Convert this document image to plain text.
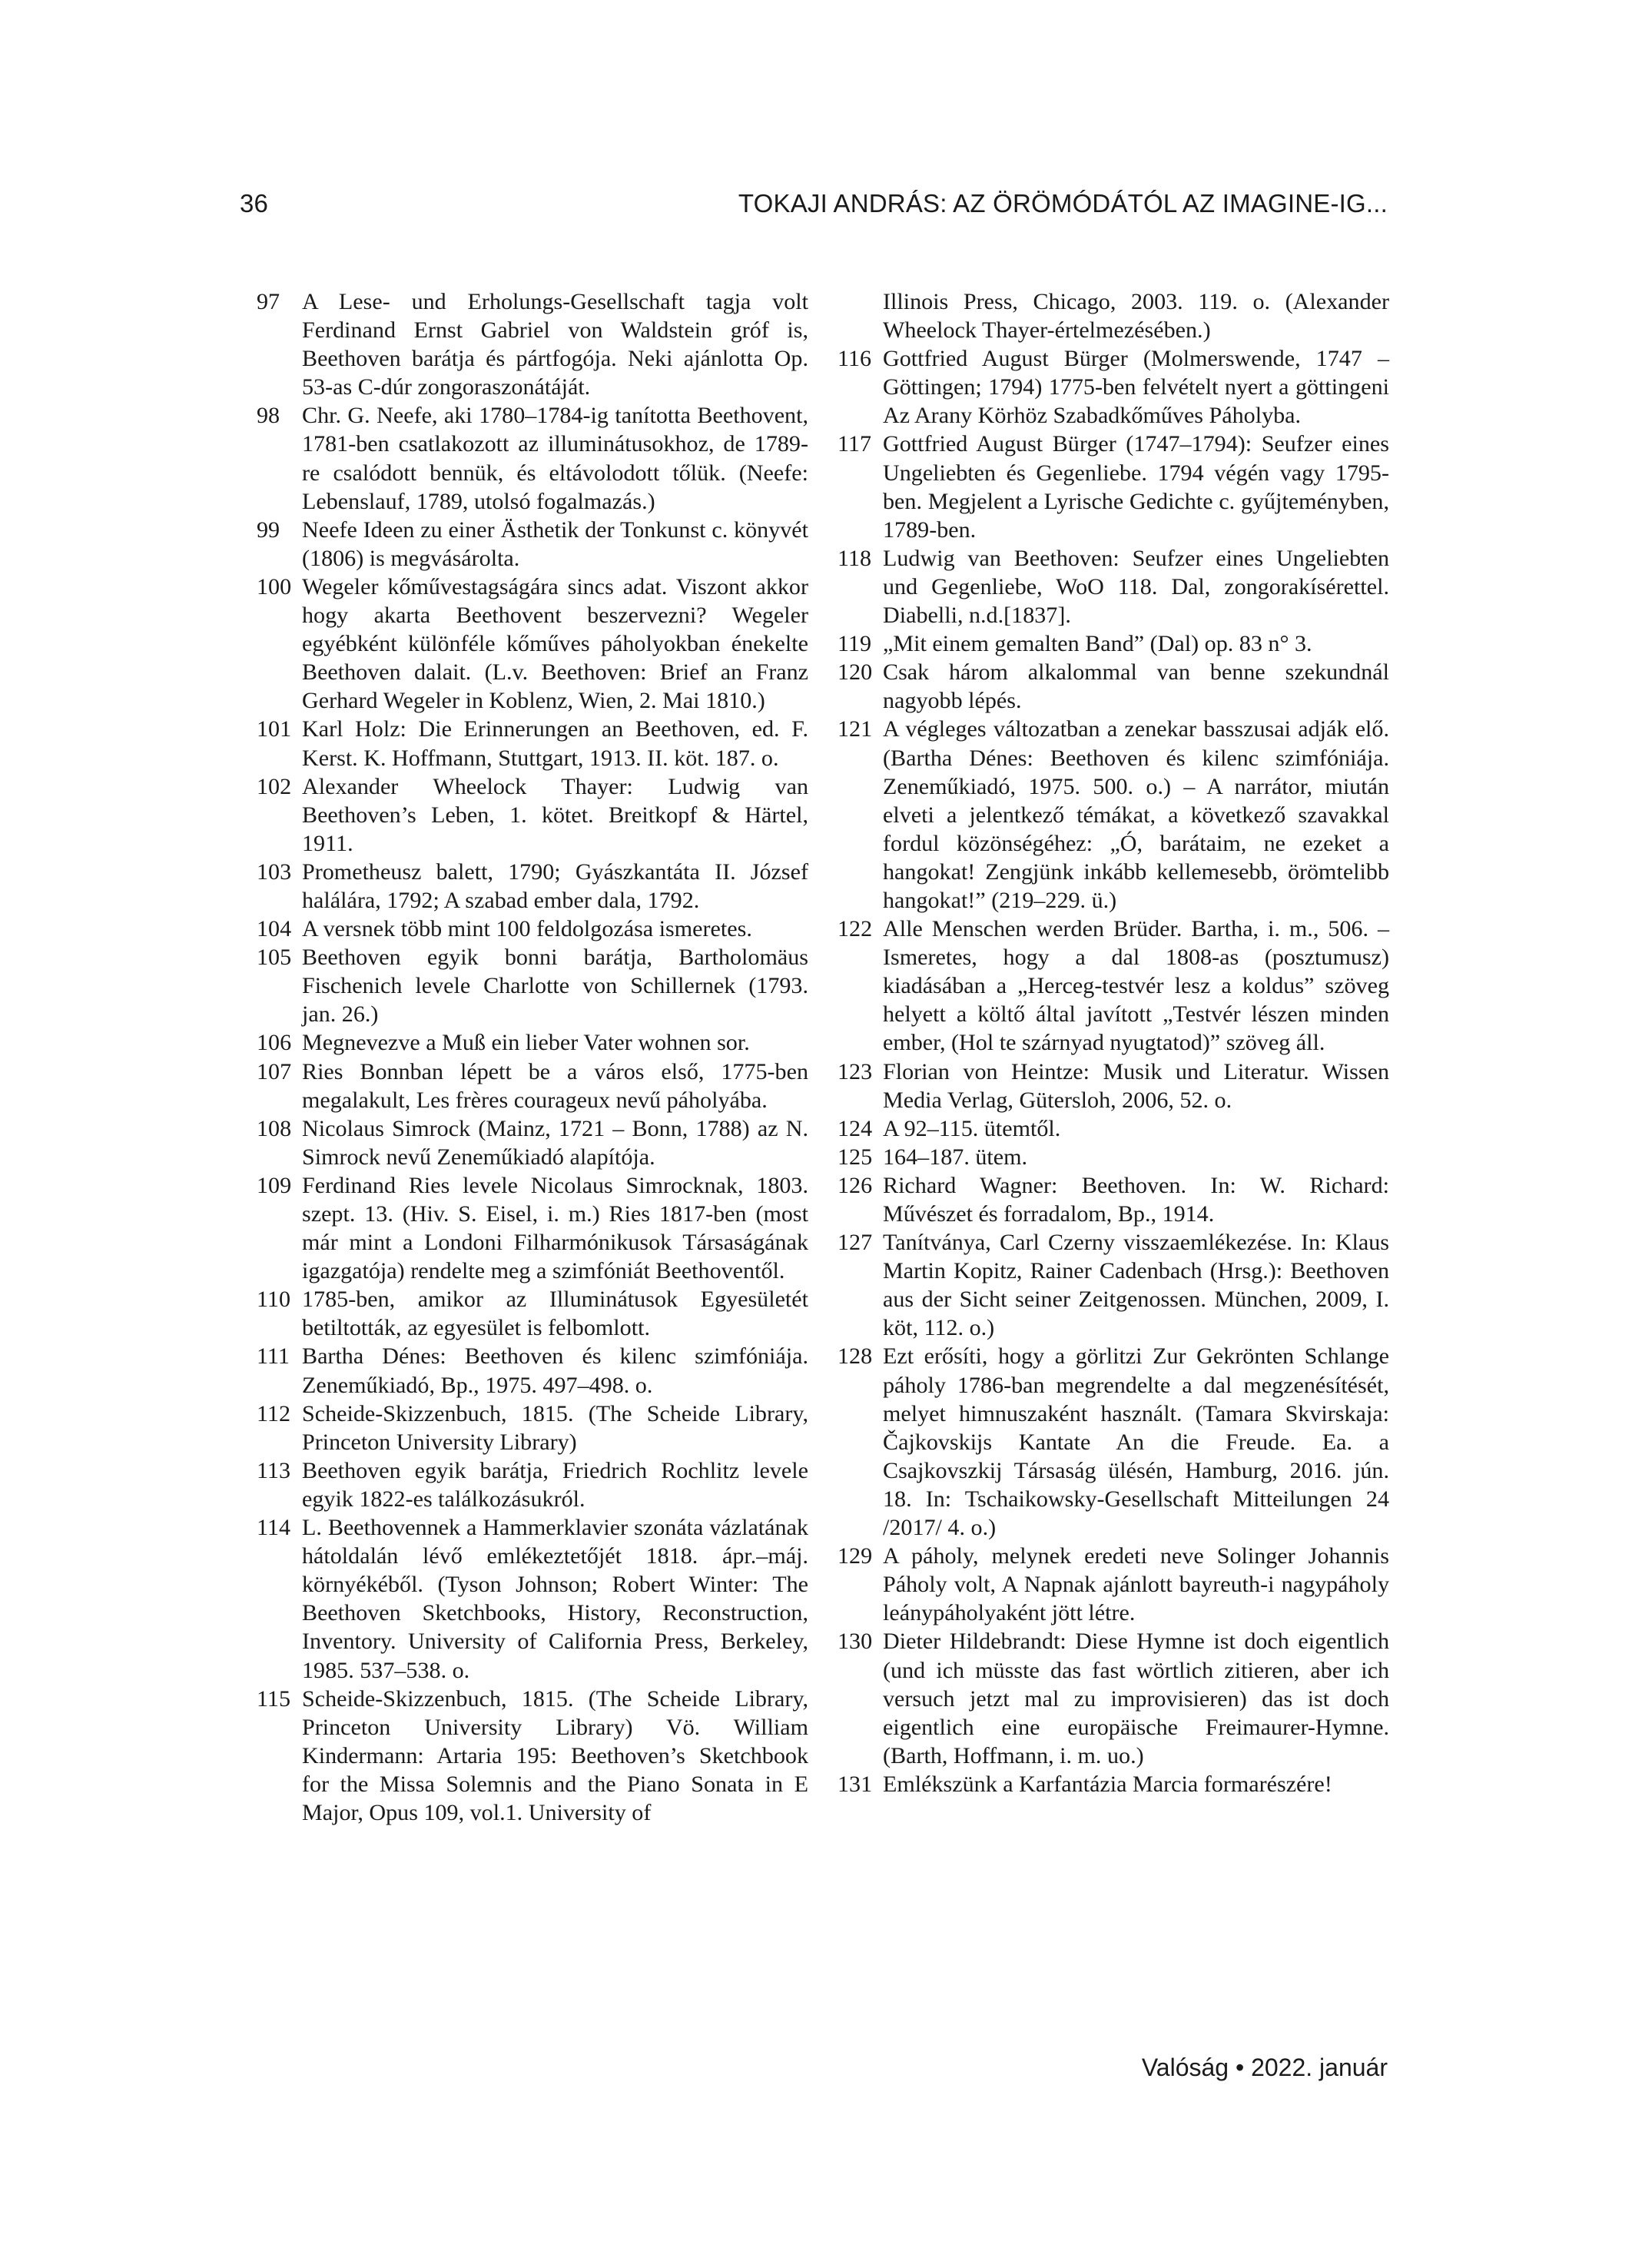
36	TOKAJI ANDRÁS: AZ ÖRÖMÓDÁTÓL AZ IMAGINE-IG...
97 A Lese- und Erholungs-Gesellschaft tagja volt Ferdinand Ernst Gabriel von Waldstein gróf is, Beethoven barátja és pártfogója. Neki ajánlotta Op. 53-as C-dúr zongoraszonátáját.
98 Chr. G. Neefe, aki 1780–1784-ig tanította Beethovent, 1781-ben csatlakozott az illuminátusokhoz, de 1789-re csalódott bennük, és eltávolodott tőlük. (Neefe: Lebenslauf, 1789, utolsó fogalmazás.)
99 Neefe Ideen zu einer Ästhetik der Tonkunst c. könyvét (1806) is megvásárolta.
100 Wegeler kőművestagságára sincs adat. Viszont akkor hogy akarta Beethovent beszervezni? Wegeler egyébként különféle kőműves páholyokban énekelte Beethoven dalait. (L.v. Beethoven: Brief an Franz Gerhard Wegeler in Koblenz, Wien, 2. Mai 1810.)
101 Karl Holz: Die Erinnerungen an Beethoven, ed. F. Kerst. K. Hoffmann, Stuttgart, 1913. II. köt. 187. o.
102 Alexander Wheelock Thayer: Ludwig van Beethoven’s Leben, 1. kötet. Breitkopf & Härtel, 1911.
103 Prometheusz balett, 1790; Gyászkantáta II. József halálára, 1792; A szabad ember dala, 1792.
104 A versnek több mint 100 feldolgozása ismeretes.
105 Beethoven egyik bonni barátja, Bartholomäus Fischenich levele Charlotte von Schillernek (1793. jan. 26.)
106 Megnevezve a Muß ein lieber Vater wohnen sor.
107 Ries Bonnban lépett be a város első, 1775-ben megalakult, Les frères courageux nevű páholyába.
108 Nicolaus Simrock (Mainz, 1721 – Bonn, 1788) az N. Simrock nevű Zeneműkiadó alapítója.
109 Ferdinand Ries levele Nicolaus Simrocknak, 1803. szept. 13. (Hiv. S. Eisel, i. m.) Ries 1817-ben (most már mint a Londoni Filharmónikusok Társaságának igazgatója) rendelte meg a szimfóniát Beethoventől.
110 1785-ben, amikor az Illuminátusok Egyesületét betiltották, az egyesület is felbomlott.
111 Bartha Dénes: Beethoven és kilenc szimfóniája. Zeneműkiadó, Bp., 1975. 497–498. o.
112 Scheide-Skizzenbuch, 1815. (The Scheide Library, Princeton University Library)
113 Beethoven egyik barátja, Friedrich Rochlitz levele egyik 1822-es találkozásukról.
114 L. Beethovennek a Hammerklavier szonáta vázlatának hátoldalán lévő emlékeztetőjét 1818. ápr.–máj. környékéből. (Tyson Johnson; Robert Winter: The Beethoven Sketchbooks, History, Reconstruction, Inventory. University of California Press, Berkeley, 1985. 537–538. o.
115 Scheide-Skizzenbuch, 1815. (The Scheide Library, Princeton University Library) Vö. William Kindermann: Artaria 195: Beethoven’s Sketchbook for the Missa Solemnis and the Piano Sonata in E Major, Opus 109, vol.1. University of
Illinois Press, Chicago, 2003. 119. o. (Alexander Wheelock Thayer-értelmezésében.)
116 Gottfried August Bürger (Molmerswende, 1747 – Göttingen; 1794) 1775-ben felvételt nyert a göttingeni Az Arany Körhöz Szabadkőműves Páholyba.
117 Gottfried August Bürger (1747–1794): Seufzer eines Ungeliebten és Gegenliebe. 1794 végén vagy 1795-ben. Megjelent a Lyrische Gedichte c. gyűjteményben, 1789-ben.
118 Ludwig van Beethoven: Seufzer eines Ungeliebten und Gegenliebe, WoO 118. Dal, zongorakísérettel. Diabelli, n.d.[1837].
119 „Mit einem gemalten Band” (Dal) op. 83 n° 3.
120 Csak három alkalommal van benne szekundnál nagyobb lépés.
121 A végleges változatban a zenekar basszusai adják elő. (Bartha Dénes: Beethoven és kilenc szimfóniája. Zeneműkiadó, 1975. 500. o.) – A narrátor, miután elveti a jelentkező témákat, a következő szavakkal fordul közönségéhez: „Ó, barátaim, ne ezeket a hangokat! Zengjünk inkább kellemesebb, örömtelibb hangokat!” (219–229. ü.)
122 Alle Menschen werden Brüder. Bartha, i. m., 506. – Ismeretes, hogy a dal 1808-as (posztumusz) kiadásában a „Herceg-testvér lesz a koldus” szöveg helyett a költő által javított „Testvér lészen minden ember, (Hol te szárnyad nyugtatod)” szöveg áll.
123 Florian von Heintze: Musik und Literatur. Wissen Media Verlag, Gütersloh, 2006, 52. o.
124 A 92–115. ütemtől.
125 164–187. ütem.
126 Richard Wagner: Beethoven. In: W. Richard: Művészet és forradalom, Bp., 1914.
127 Tanítványa, Carl Czerny visszaemlékezése. In: Klaus Martin Kopitz, Rainer Cadenbach (Hrsg.): Beethoven aus der Sicht seiner Zeitgenossen. München, 2009, I. köt, 112. o.)
128 Ezt erősíti, hogy a görlitzi Zur Gekrönten Schlange páholy 1786-ban megrendelte a dal megzenésítését, melyet himnuszaként használt. (Tamara Skvirskaja: Čajkovskijs Kantate An die Freude. Ea. a Csajkovszkij Társaság ülésén, Hamburg, 2016. jún. 18. In: Tschaikowsky-Gesellschaft Mitteilungen 24 /2017/ 4. o.)
129 A páholy, melynek eredeti neve Solinger Johannis Páholy volt, A Napnak ajánlott bayreuth-i nagypáholy leánypáholyaként jött létre.
130 Dieter Hildebrandt: Diese Hymne ist doch eigentlich (und ich müsste das fast wörtlich zitieren, aber ich versuch jetzt mal zu improvisieren) das ist doch eigentlich eine europäische Freimaurer-Hymne. (Barth, Hoffmann, i. m. uo.)
131 Emlékszünk a Karfantázia Marcia formarészére!
Valóság • 2022. január
